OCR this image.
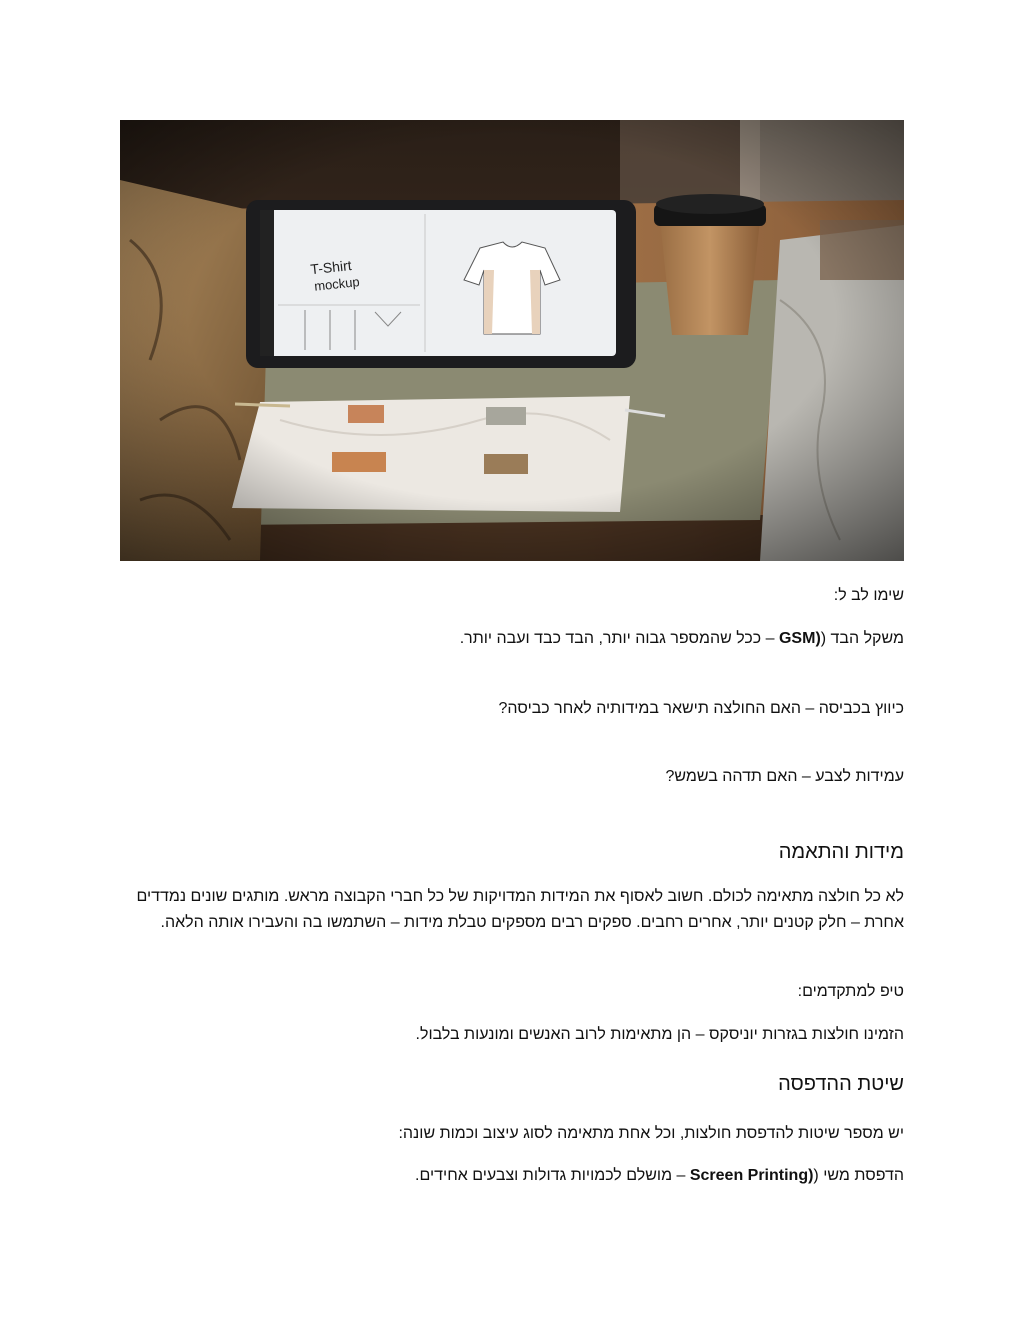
שימו לב ל:

משקל הבד ((GSM – ככל שהמספר גבוה יותר, הבד כבד ועבה יותר.

כיווץ בכביסה – האם החולצה תישאר במידותיה לאחר כביסה?

עמידות לצבע – האם תדהה בשמש?

מידות והתאמה

לא כל חולצה מתאימה לכולם. חשוב לאסוף את המידות המדויקות של כל חברי הקבוצה מראש. מותגים שונים נמדדים אחרת – חלק קטנים יותר, אחרים רחבים. ספקים רבים מספקים טבלת מידות – השתמשו בה והעבירו אותה הלאה.

טיפ למתקדמים:

הזמינו חולצות בגזרות יוניסקס – הן מתאימות לרוב האנשים ומונעות בלבול.

שיטת ההדפסה

יש מספר שיטות להדפסת חולצות, וכל אחת מתאימה לסוג עיצוב וכמות שונה:

הדפסת משי ((Screen Printing – מושלם לכמויות גדולות וצבעים אחידים.
